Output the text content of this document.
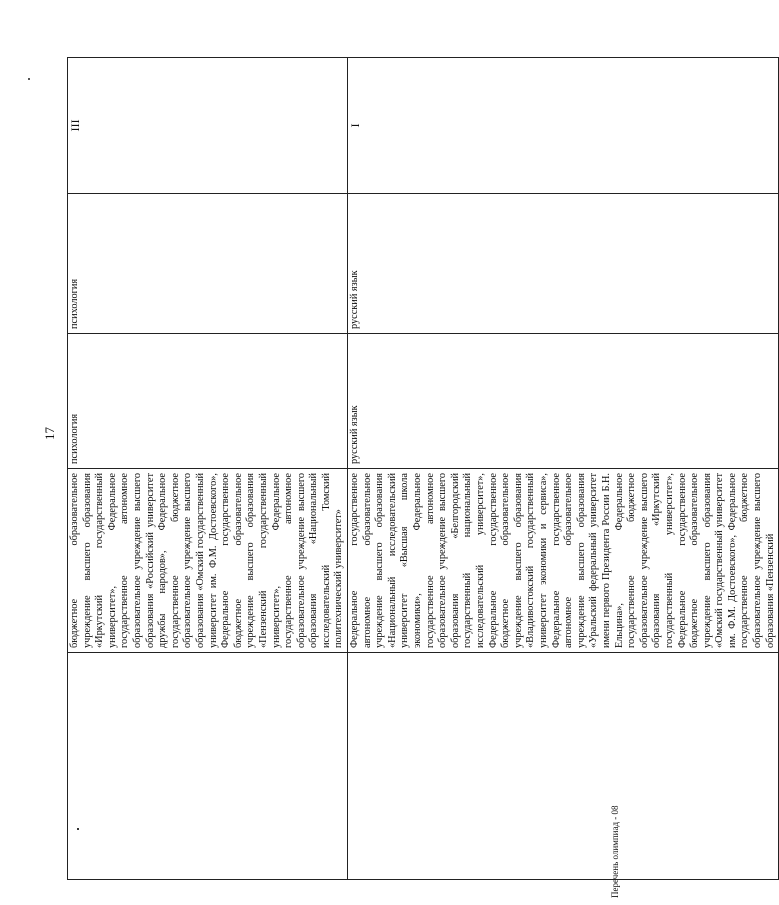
17
Перечень олимпиад - 08

	бюджетное образовательное учреждение высшего образования «Иркутский государственный университет», Федеральное государственное автономное образовательное учреждение высшего образования «Российский университет дружбы народов», Федеральное государственное бюджетное образовательное учреждение высшего образования «Омский государственный университет им. Ф.М. Достоевского», Федеральное государственное бюджетное образовательное учреждение высшего образования «Пензенский государственный университет», Федеральное государственное автономное образовательное учреждение высшего образования «Национальный исследовательский Томский политехнический университет»	психология	психология	III

	Федеральное государственное автономное образовательное учреждение высшего образования «Национальный исследовательский университет «Высшая школа экономики», Федеральное государственное автономное образовательное учреждение высшего образования «Белгородский государственный национальный исследовательский университет», Федеральное государственное бюджетное образовательное учреждение высшего образования «Владивостокский государственный университет экономики и сервиса», Федеральное государственное автономное образовательное учреждение высшего образования «Уральский федеральный университет имени первого Президента России Б.Н. Ельцина», Федеральное государственное бюджетное образовательное учреждение высшего образования «Иркутский государственный университет», Федеральное государственное бюджетное образовательное учреждение высшего образования «Омский государственный университет им. Ф.М. Достоевского», Федеральное государственное бюджетное образовательное учреждение высшего образования «Пензенский	русский язык	русский язык	I
